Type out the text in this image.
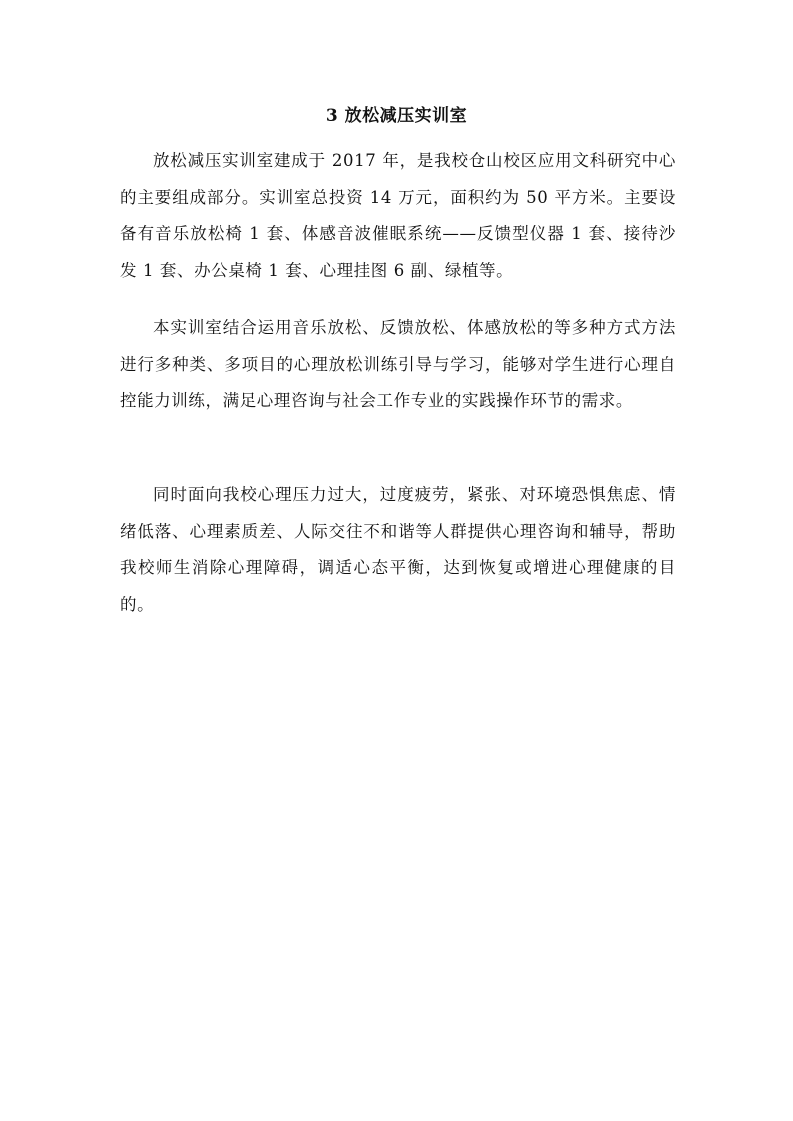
3 放松减压实训室

放松减压实训室建成于 2017 年，是我校仓山校区应用文科研究中心的主要组成部分。实训室总投资 14 万元，面积约为 50 平方米。主要设备有音乐放松椅 1 套、体感音波催眠系统——反馈型仪器 1 套、接待沙发 1 套、办公桌椅 1 套、心理挂图 6 副、绿植等。

本实训室结合运用音乐放松、反馈放松、体感放松的等多种方式方法进行多种类、多项目的心理放松训练引导与学习，能够对学生进行心理自控能力训练，满足心理咨询与社会工作专业的实践操作环节的需求。

同时面向我校心理压力过大，过度疲劳，紧张、对环境恐惧焦虑、情绪低落、心理素质差、人际交往不和谐等人群提供心理咨询和辅导，帮助我校师生消除心理障碍，调适心态平衡，达到恢复或增进心理健康的目的。
